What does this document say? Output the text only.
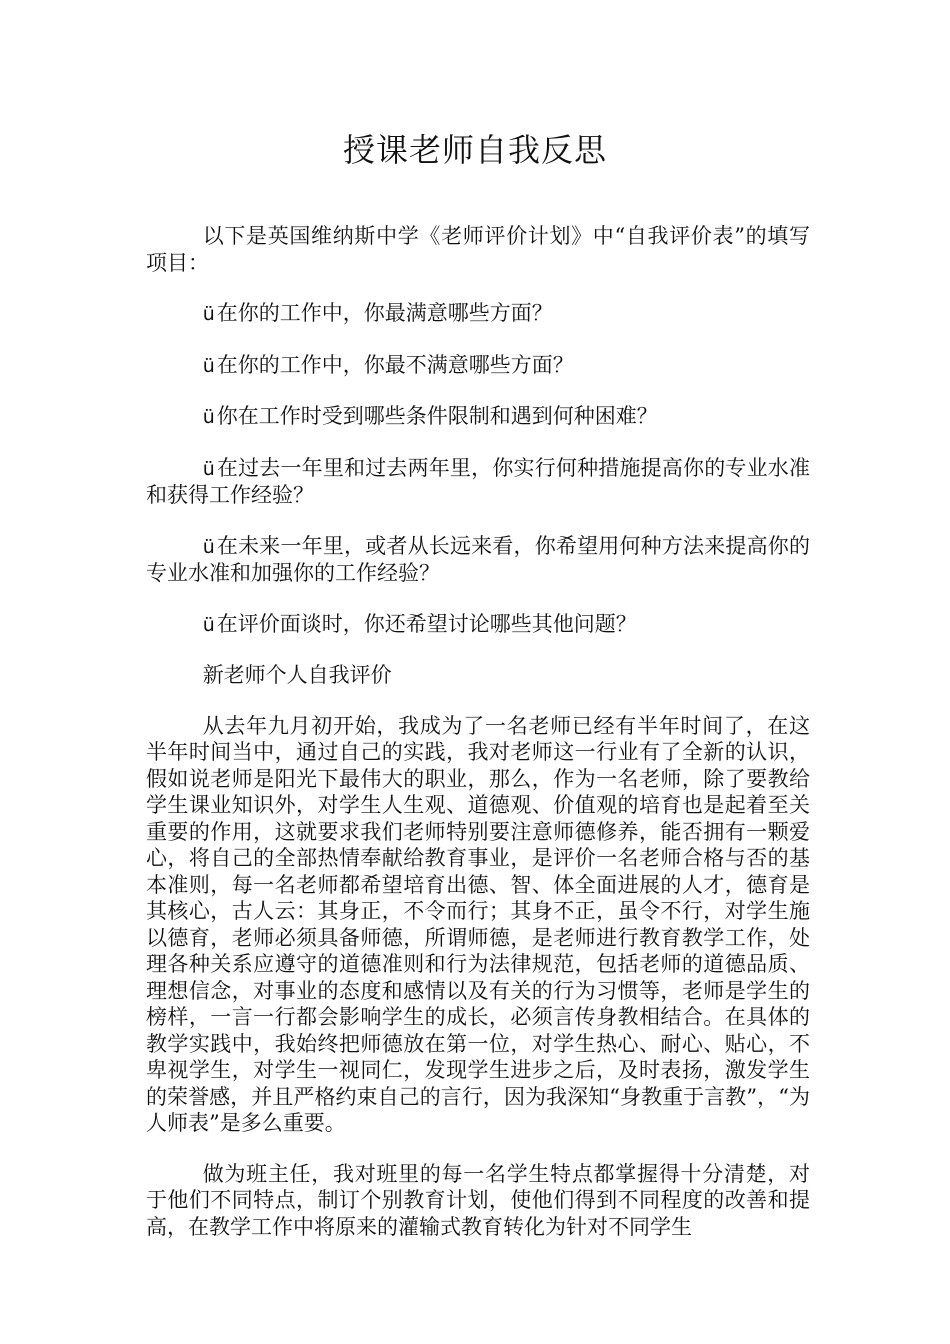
授课老师自我反思

以下是英国维纳斯中学《老师评价计划》中“自我评价表”的填写项目：

ü在你的工作中，你最满意哪些方面？

ü在你的工作中，你最不满意哪些方面？

ü你在工作时受到哪些条件限制和遇到何种困难？

ü在过去一年里和过去两年里，你实行何种措施提高你的专业水准和获得工作经验？

ü在未来一年里，或者从长远来看，你希望用何种方法来提高你的专业水准和加强你的工作经验？

ü在评价面谈时，你还希望讨论哪些其他问题？

新老师个人自我评价

从去年九月初开始，我成为了一名老师已经有半年时间了，在这半年时间当中，通过自己的实践，我对老师这一行业有了全新的认识，假如说老师是阳光下最伟大的职业，那么，作为一名老师，除了要教给学生课业知识外，对学生人生观、道德观、价值观的培育也是起着至关重要的作用，这就要求我们老师特别要注意师德修养，能否拥有一颗爱心，将自己的全部热情奉献给教育事业，是评价一名老师合格与否的基本准则，每一名老师都希望培育出德、智、体全面进展的人才，德育是其核心，古人云：其身正，不令而行；其身不正，虽令不行，对学生施以德育，老师必须具备师德，所谓师德，是老师进行教育教学工作，处理各种关系应遵守的道德准则和行为法律规范，包括老师的道德品质、理想信念，对事业的态度和感情以及有关的行为习惯等，老师是学生的榜样，一言一行都会影响学生的成长，必须言传身教相结合。在具体的教学实践中，我始终把师德放在第一位，对学生热心、耐心、贴心，不卑视学生，对学生一视同仁，发现学生进步之后，及时表扬，激发学生的荣誉感，并且严格约束自己的言行，因为我深知“身教重于言教”，“为人师表”是多么重要。

做为班主任，我对班里的每一名学生特点都掌握得十分清楚，对于他们不同特点，制订个别教育计划，使他们得到不同程度的改善和提高，在教学工作中将原来的灌输式教育转化为针对不同学生
